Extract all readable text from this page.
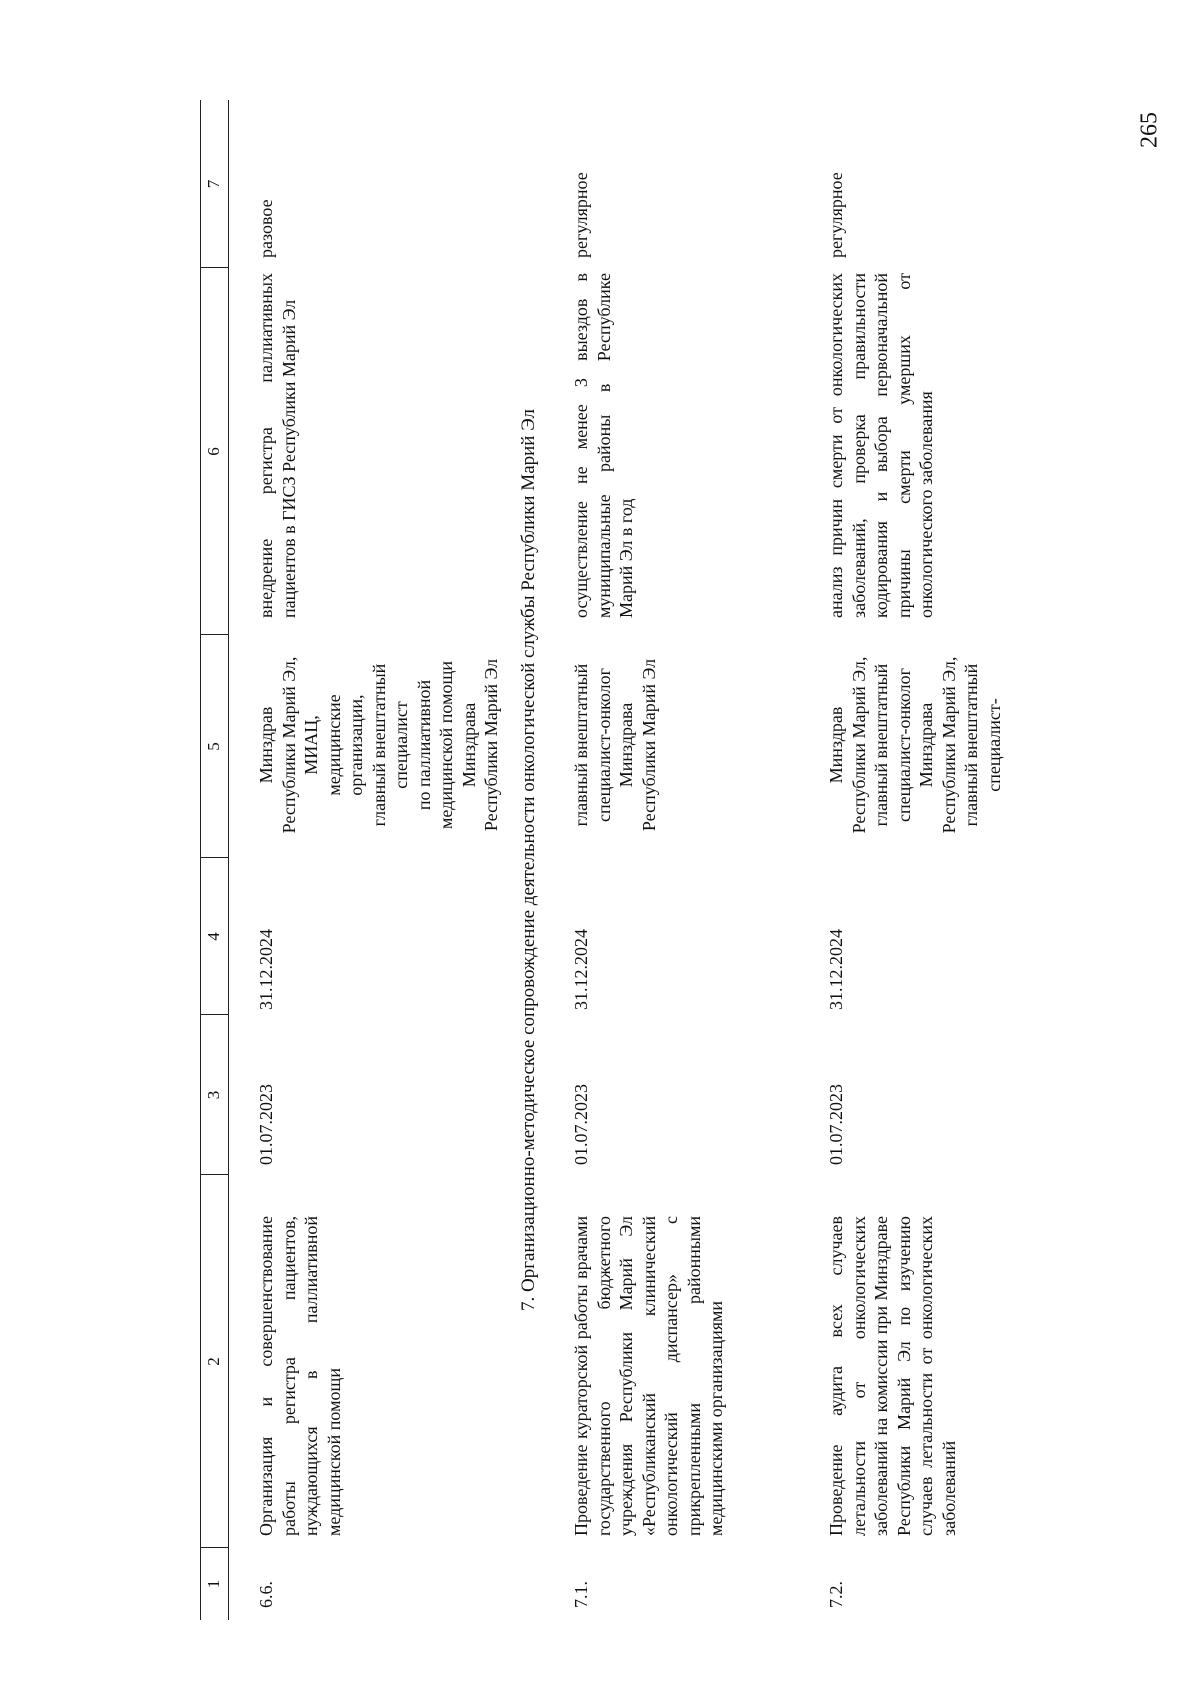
265
1
2
3
4
5
6
7
6.6.
Организация и совершенствование работы регистра пациентов, нуждающихся в паллиативной медицинской помощи
01.07.2023
31.12.2024
Минздрав Республики Марий Эл, МИАЦ, медицинские организации, главный внештатный специалист по паллиативной медицинской помощи Минздрава Республики Марий Эл
внедрение регистра паллиативных пациентов в ГИСЗ Республики Марий Эл
разовое
7. Организационно-методическое сопровождение деятельности онкологической службы Республики Марий Эл
7.1.
Проведение кураторской работы врачами государственного бюджетного учреждения Республики Марий Эл «Республиканский клинический онкологический диспансер» с прикрепленными районными медицинскими организациями
01.07.2023
31.12.2024
главный внештатный специалист-онколог Минздрава Республики Марий Эл
осуществление не менее 3 выездов в муниципальные районы в Республике Марий Эл в год
регулярное
7.2.
Проведение аудита всех случаев летальности от онкологических заболеваний на комиссии при Минздраве Республики Марий Эл по изучению случаев летальности от онкологических заболеваний
01.07.2023
31.12.2024
Минздрав Республики Марий Эл, главный внештатный специалист-онколог Минздрава Республики Марий Эл, главный внештатный специалист-
анализ причин смерти от онкологических заболеваний, проверка правильности кодирования и выбора первоначальной причины смерти умерших от онкологического заболевания
регулярное
